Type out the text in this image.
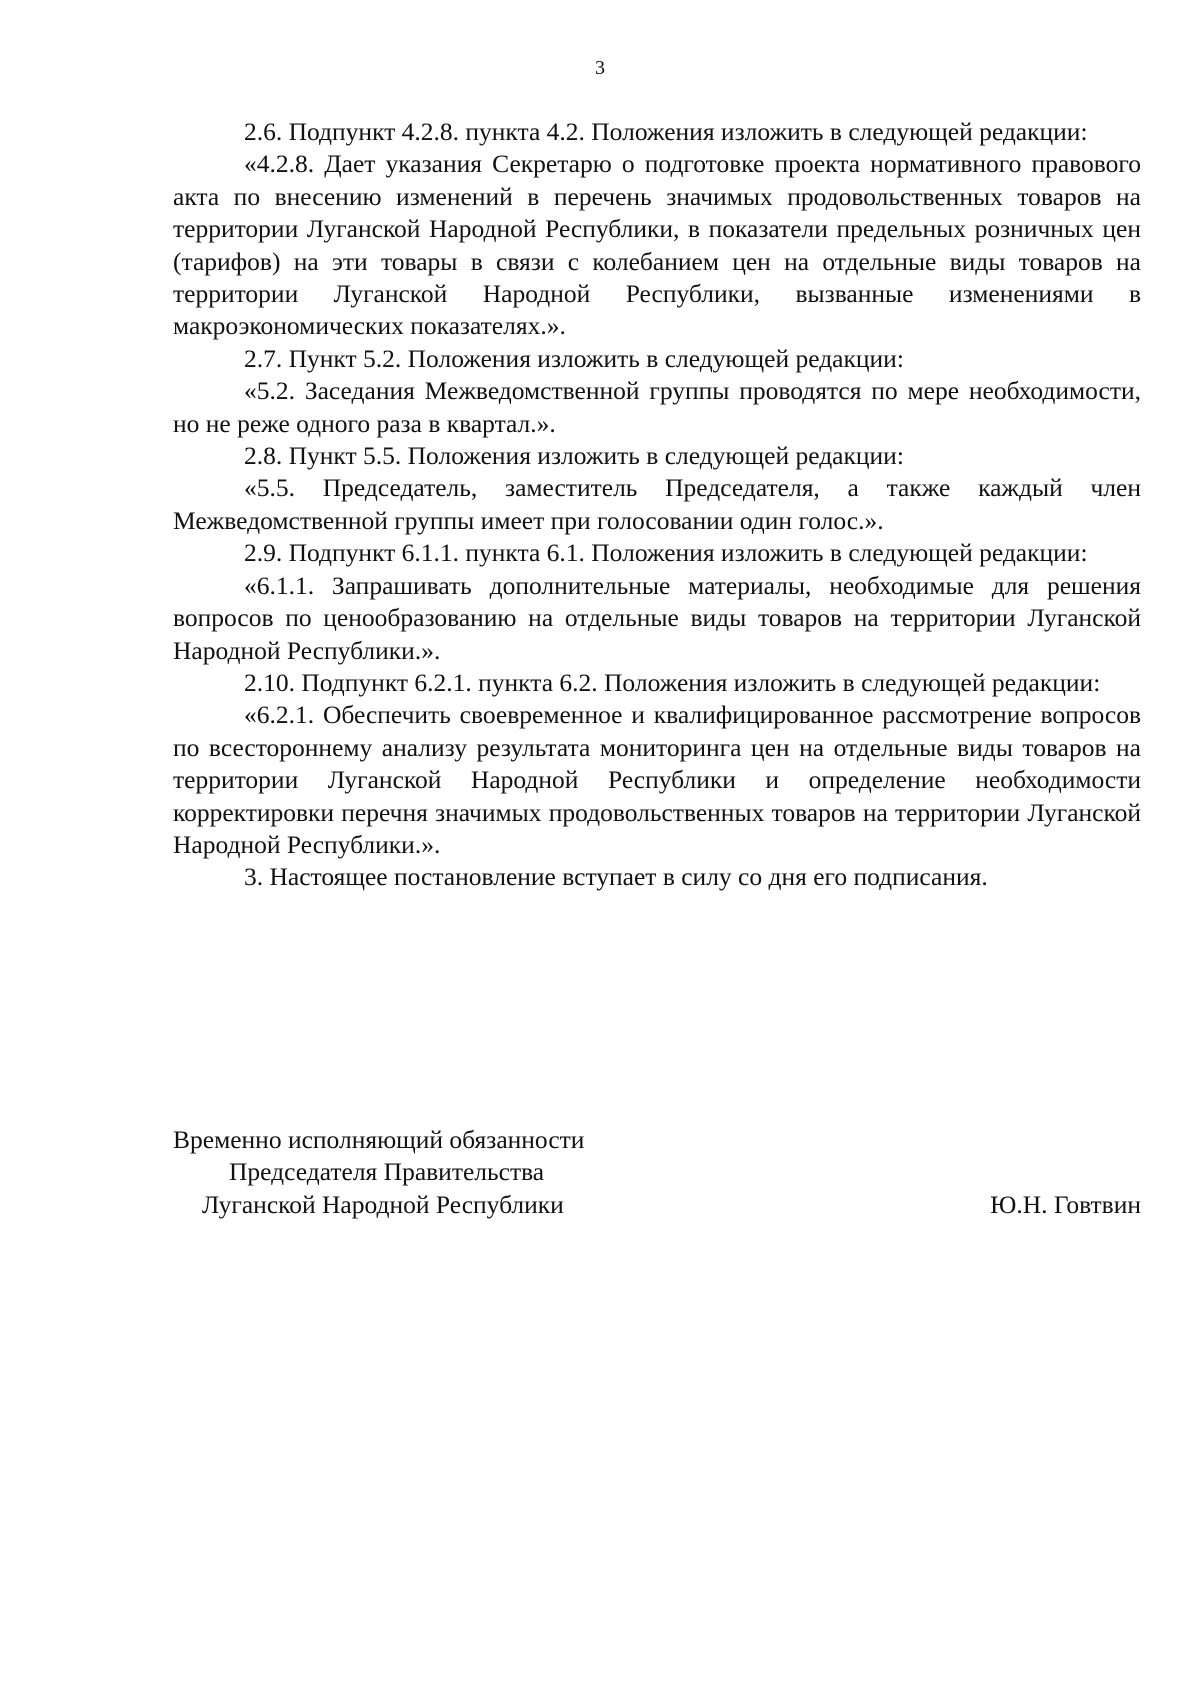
3

2.6. Подпункт 4.2.8. пункта 4.2. Положения изложить в следующей редакции:

«4.2.8. Дает указания Секретарю о подготовке проекта нормативного правового акта по внесению изменений в перечень значимых продовольственных товаров на территории Луганской Народной Республики, в показатели предельных розничных цен (тарифов) на эти товары в связи с колебанием цен на отдельные виды товаров на территории Луганской Народной Республики, вызванные изменениями в макроэкономических показателях.».

2.7. Пункт 5.2. Положения изложить в следующей редакции:

«5.2. Заседания Межведомственной группы проводятся по мере необходимости, но не реже одного раза в квартал.».

2.8. Пункт 5.5. Положения изложить в следующей редакции:

«5.5. Председатель, заместитель Председателя, а также каждый член Межведомственной группы имеет при голосовании один голос.».

2.9. Подпункт 6.1.1. пункта 6.1. Положения изложить в следующей редакции:

«6.1.1. Запрашивать дополнительные материалы, необходимые для решения вопросов по ценообразованию на отдельные виды товаров на территории Луганской Народной Республики.».

2.10. Подпункт 6.2.1. пункта 6.2. Положения изложить в следующей редакции:

«6.2.1. Обеспечить своевременное и квалифицированное рассмотрение вопросов по всестороннему анализу результата мониторинга цен на отдельные виды товаров на территории Луганской Народной Республики и определение необходимости корректировки перечня значимых продовольственных товаров на территории Луганской Народной Республики.».

3. Настоящее постановление вступает в силу со дня его подписания.

Временно исполняющий обязанности
Председателя Правительства
Луганской Народной Республики	Ю.Н. Говтвин
